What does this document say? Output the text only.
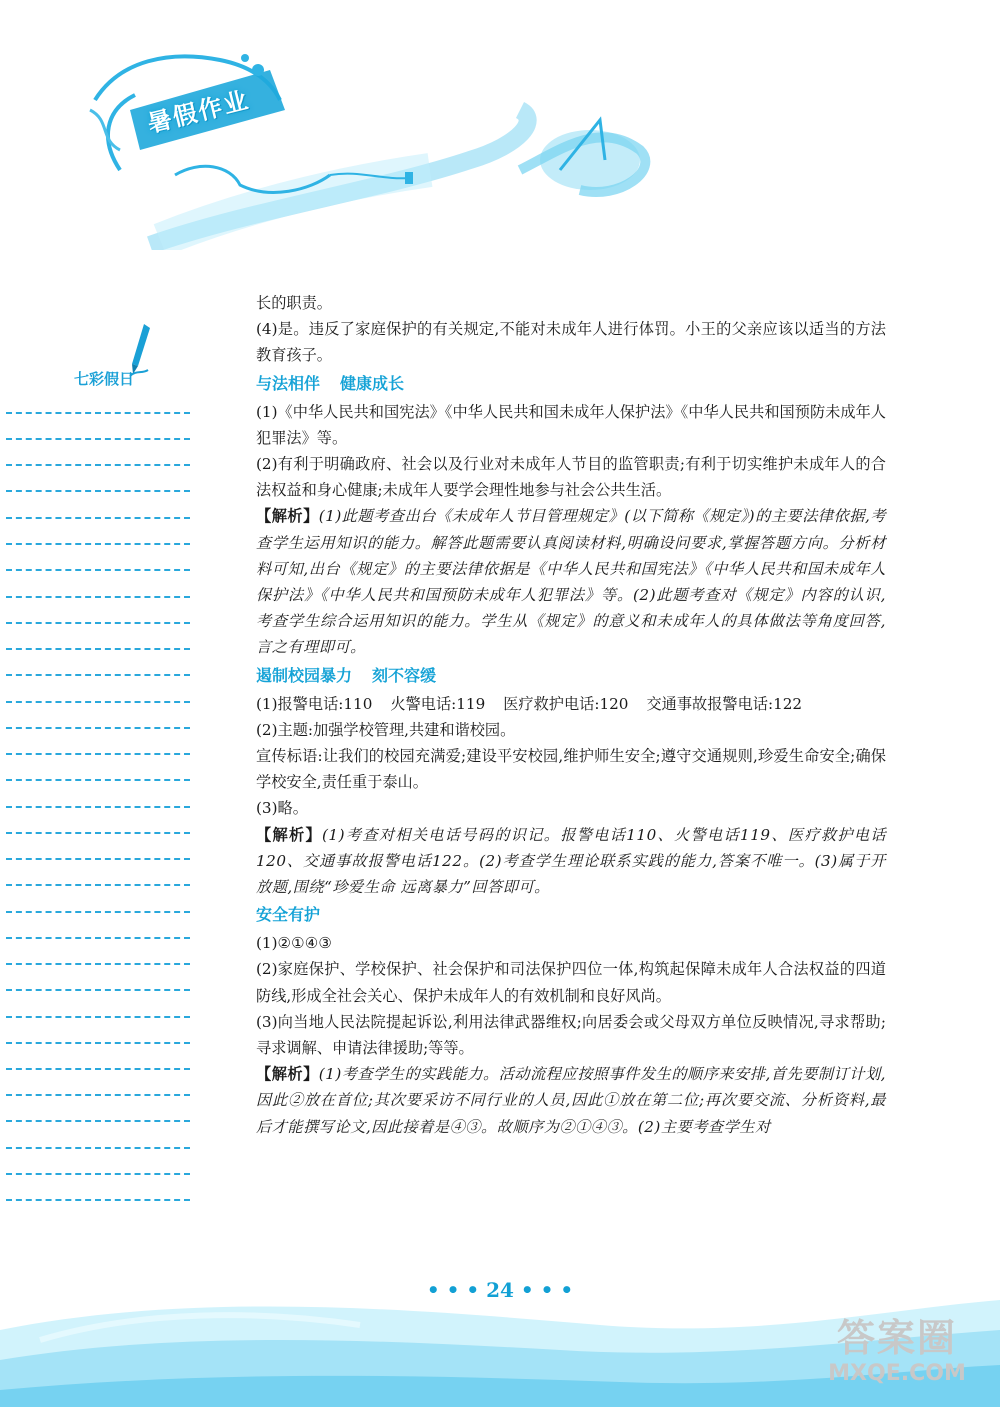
暑假作业
七彩假日

长的职责。

(4)是。违反了家庭保护的有关规定,不能对未成年人进行体罚。小王的父亲应该以适当的方法教育孩子。

与法相伴 健康成长

(1)《中华人民共和国宪法》《中华人民共和国未成年人保护法》《中华人民共和国预防未成年人犯罪法》等。

(2)有利于明确政府、社会以及行业对未成年人节目的监管职责;有利于切实维护未成年人的合法权益和身心健康;未成年人要学会理性地参与社会公共生活。

【解析】(1)此题考查出台《未成年人节目管理规定》(以下简称《规定》)的主要法律依据,考查学生运用知识的能力。解答此题需要认真阅读材料,明确设问要求,掌握答题方向。分析材料可知,出台《规定》的主要法律依据是《中华人民共和国宪法》《中华人民共和国未成年人保护法》《中华人民共和国预防未成年人犯罪法》等。(2)此题考查对《规定》内容的认识,考查学生综合运用知识的能力。学生从《规定》的意义和未成年人的具体做法等角度回答,言之有理即可。

遏制校园暴力 刻不容缓

(1)报警电话:110 火警电话:119 医疗救护电话:120 交通事故报警电话:122

(2)主题:加强学校管理,共建和谐校园。

宣传标语:让我们的校园充满爱;建设平安校园,维护师生安全;遵守交通规则,珍爱生命安全;确保学校安全,责任重于泰山。

(3)略。

【解析】(1)考查对相关电话号码的识记。报警电话110、火警电话119、医疗救护电话120、交通事故报警电话122。(2)考查学生理论联系实践的能力,答案不唯一。(3)属于开放题,围绕“珍爱生命 远离暴力”回答即可。

安全有护

(1)②①④③

(2)家庭保护、学校保护、社会保护和司法保护四位一体,构筑起保障未成年人合法权益的四道防线,形成全社会关心、保护未成年人的有效机制和良好风尚。

(3)向当地人民法院提起诉讼,利用法律武器维权;向居委会或父母双方单位反映情况,寻求帮助;寻求调解、申请法律援助;等等。

【解析】(1)考查学生的实践能力。活动流程应按照事件发生的顺序来安排,首先要制订计划,因此②放在首位;其次要采访不同行业的人员,因此①放在第二位;再次要交流、分析资料,最后才能撰写论文,因此接着是④③。故顺序为②①④③。(2)主要考查学生对

• • • 24 • • •
答案圈
MXQE.COM
